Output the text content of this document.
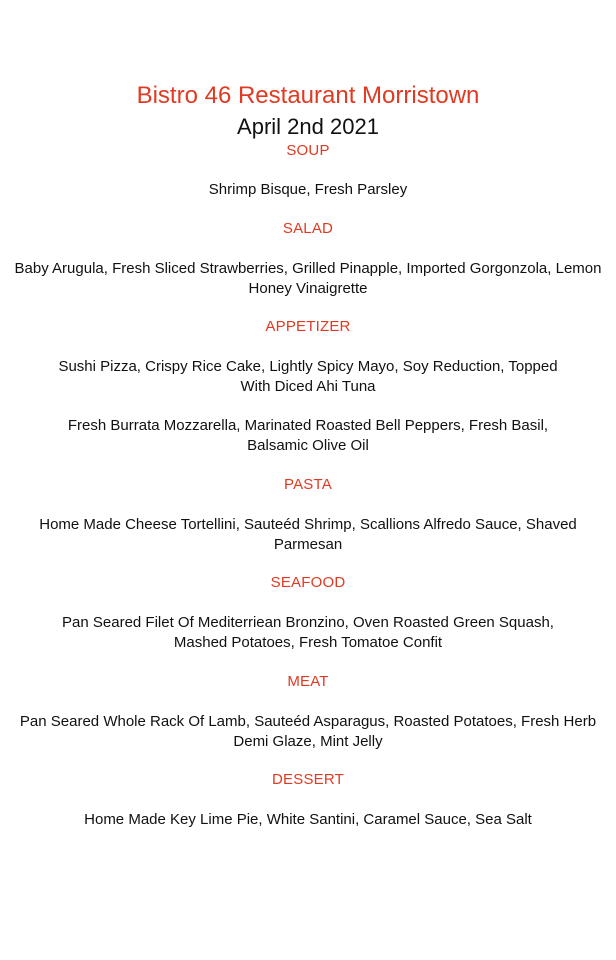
Bistro 46 Restaurant Morristown
April 2nd 2021
SOUP
Shrimp Bisque, Fresh Parsley
SALAD
Baby Arugula, Fresh Sliced Strawberries, Grilled Pinapple, Imported Gorgonzola, Lemon Honey Vinaigrette
APPETIZER
Sushi Pizza, Crispy Rice Cake, Lightly Spicy Mayo, Soy Reduction, Topped With Diced Ahi Tuna
Fresh Burrata Mozzarella, Marinated Roasted Bell Peppers, Fresh Basil, Balsamic Olive Oil
PASTA
Home Made Cheese Tortellini, Sauteéd Shrimp, Scallions Alfredo Sauce, Shaved Parmesan
SEAFOOD
Pan Seared Filet Of Mediterriean Bronzino, Oven Roasted Green Squash, Mashed Potatoes, Fresh Tomatoe Confit
MEAT
Pan Seared Whole Rack Of Lamb, Sauteéd Asparagus, Roasted Potatoes, Fresh Herb Demi Glaze, Mint Jelly
DESSERT
Home Made Key Lime Pie, White Santini, Caramel Sauce, Sea Salt
